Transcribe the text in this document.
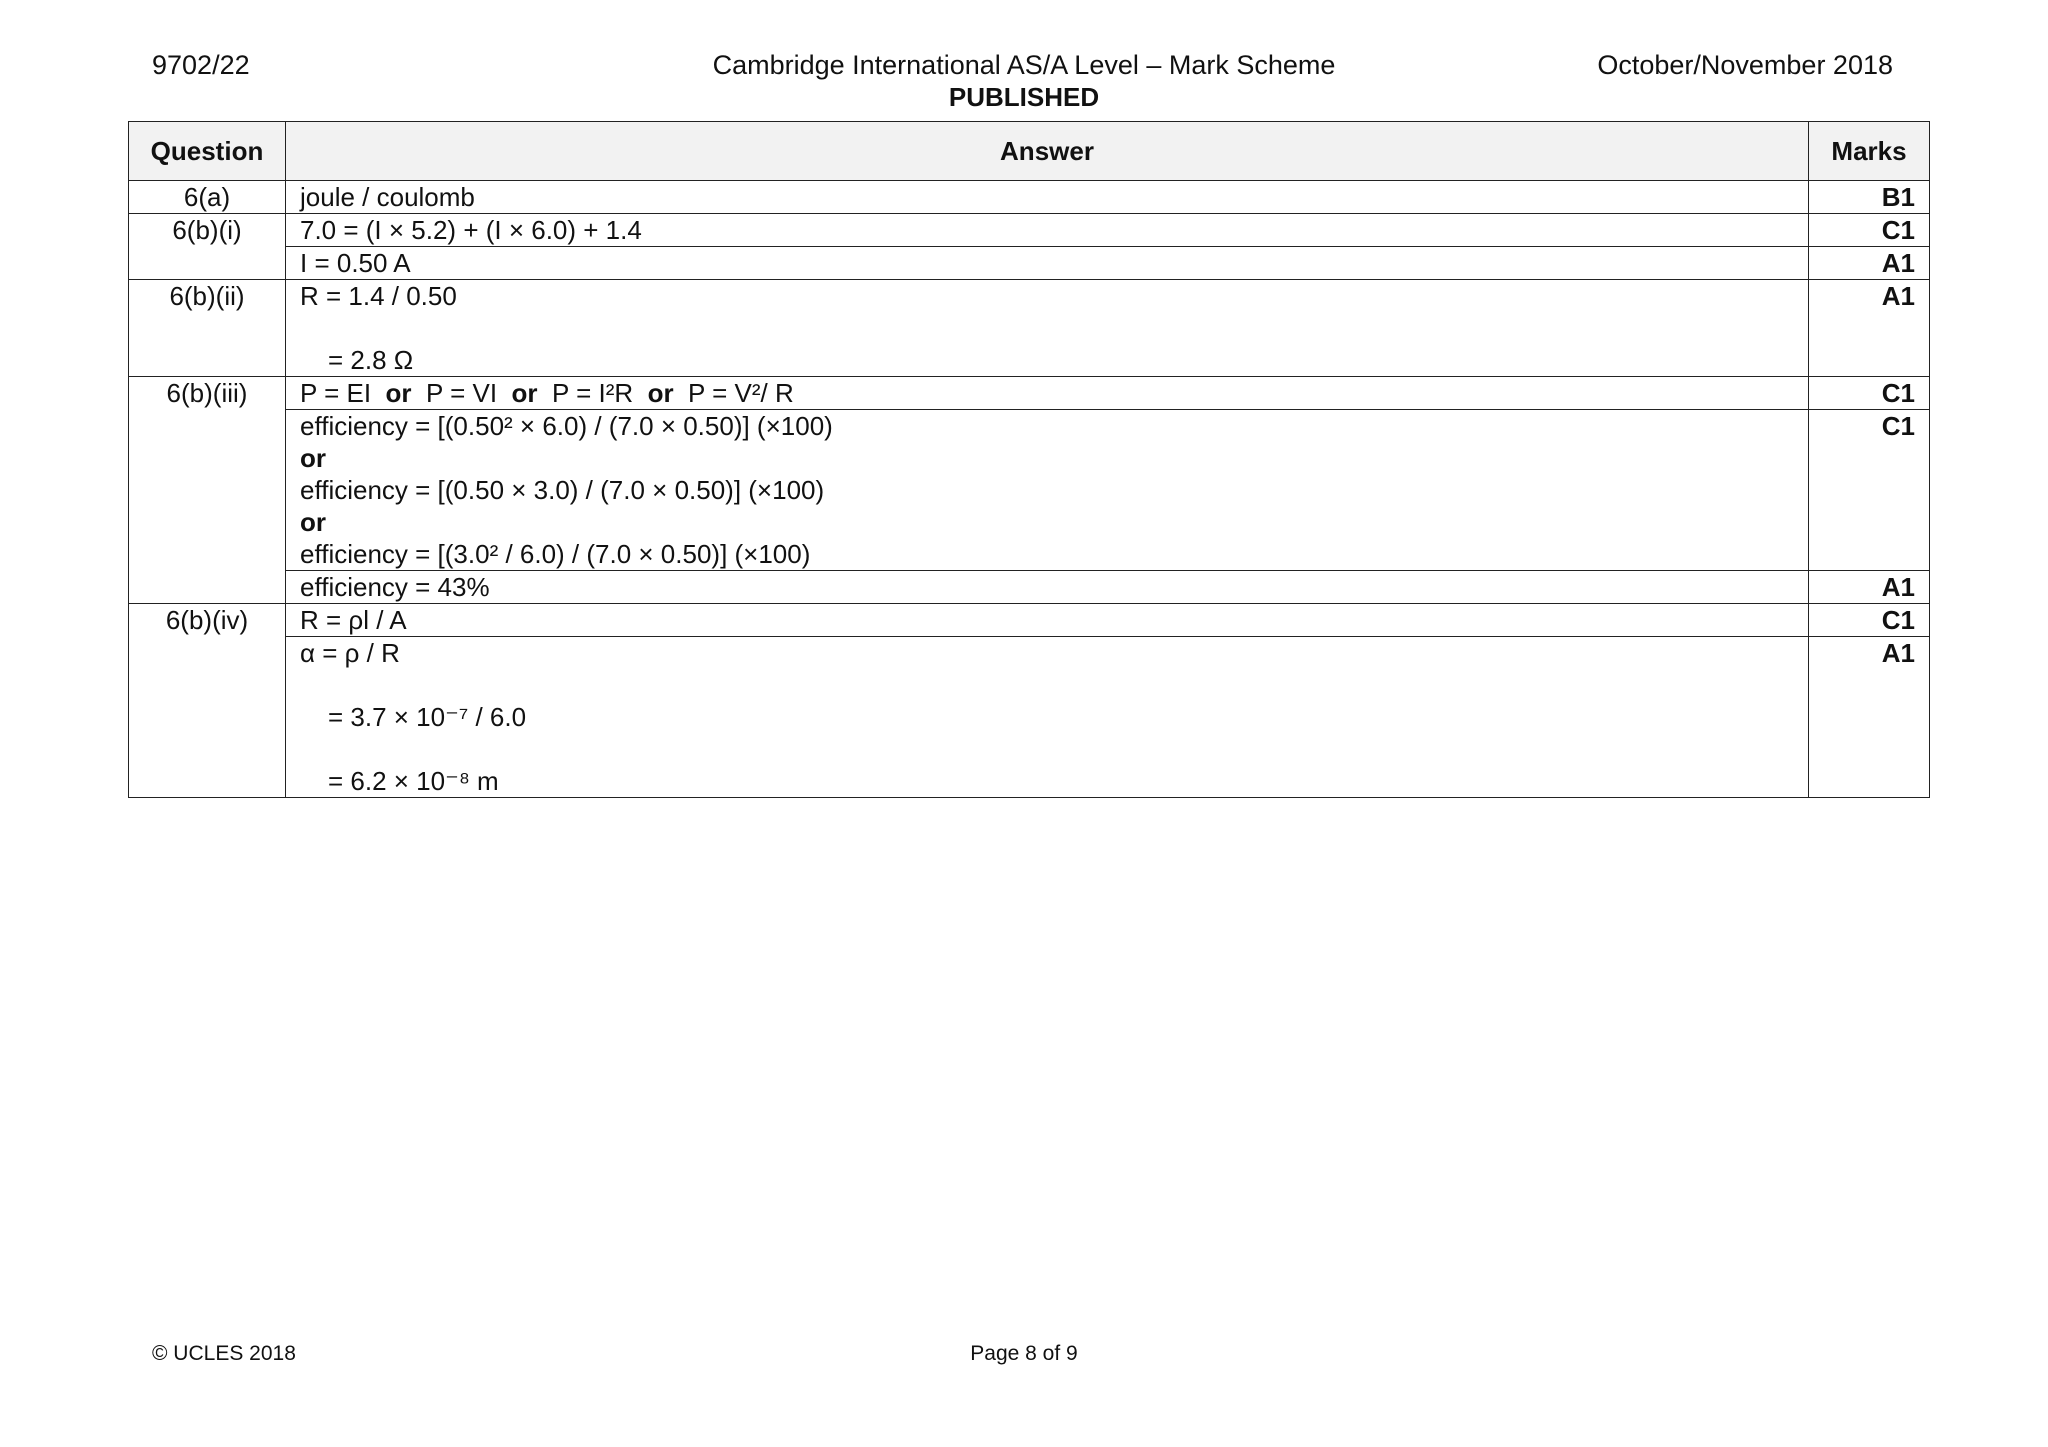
9702/22	Cambridge International AS/A Level – Mark Scheme	October/November 2018
PUBLISHED
Question	Answer	Marks
6(a)	joule / coulomb	B1
6(b)(i)	7.0 = (I × 5.2) + (I × 6.0) + 1.4	C1
	I = 0.50 A	A1
6(b)(ii)	R = 1.4 / 0.50
= 2.8 Ω	A1
6(b)(iii)	P = EI or P = VI or P = I²R or P = V²/ R	C1

	efficiency = [(0.50² × 6.0) / (7.0 × 0.50)] (×100)
or
efficiency = [(0.50 × 3.0) / (7.0 × 0.50)] (×100)
or
efficiency = [(3.0² / 6.0) / (7.0 × 0.50)] (×100)	C1
	efficiency = 43%	A1
6(b)(iv)	R = ρl / A	C1

	α = ρ / R
= 3.7 × 10⁻⁷ / 6.0
= 6.2 × 10⁻⁸ m	A1
© UCLES 2018	Page 8 of 9
